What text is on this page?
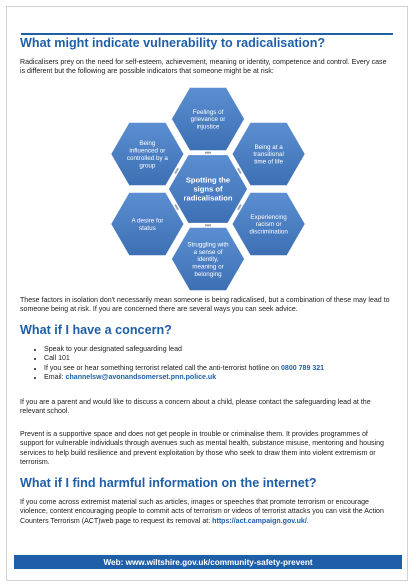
What might indicate vulnerability to radicalisation?

Radicalisers prey on the need for self-esteem, achievement, meaning or identity, competence and control. Every case is different but the following are possible indicators that someone might be at risk:

Feelings of
grievance or
injustice
Being at a
transitional
time of life
Experiencing
racism or
discrimination
Struggling with
a sense of
identity,
meaning or
belonging
A desire for
status
Being
influenced or
controlled by a
group
Spotting the
signs of
radicalisation

These factors in isolation don't necessarily mean someone is being radicalised, but a combination of these may lead to someone being at risk. If you are concerned there are several ways you can seek advice.

What if I have a concern?
• Speak to your designated safeguarding lead
• Call 101
• If you see or hear something terrorist related call the anti-terrorist hotline on 0800 789 321
• Email: channelsw@avonandsomerset.pnn.police.uk

If you are a parent and would like to discuss a concern about a child, please contact the safeguarding lead at the relevant school.

Prevent is a supportive space and does not get people in trouble or criminalise them. It provides programmes of support for vulnerable individuals through avenues such as mental health, substance misuse, mentoring and housing services to help build resilience and prevent exploitation by those who seek to draw them into violent extremism or terrorism.

What if I find harmful information on the internet?

If you come across extremist material such as articles, images or speeches that promote terrorism or encourage violence, content encouraging people to commit acts of terrorism or videos of terrorist attacks you can visit the Action Counters Terrorism (ACT)web page to request its removal at: https://act.campaign.gov.uk/.

Web: www.wiltshire.gov.uk/community-safety-prevent
